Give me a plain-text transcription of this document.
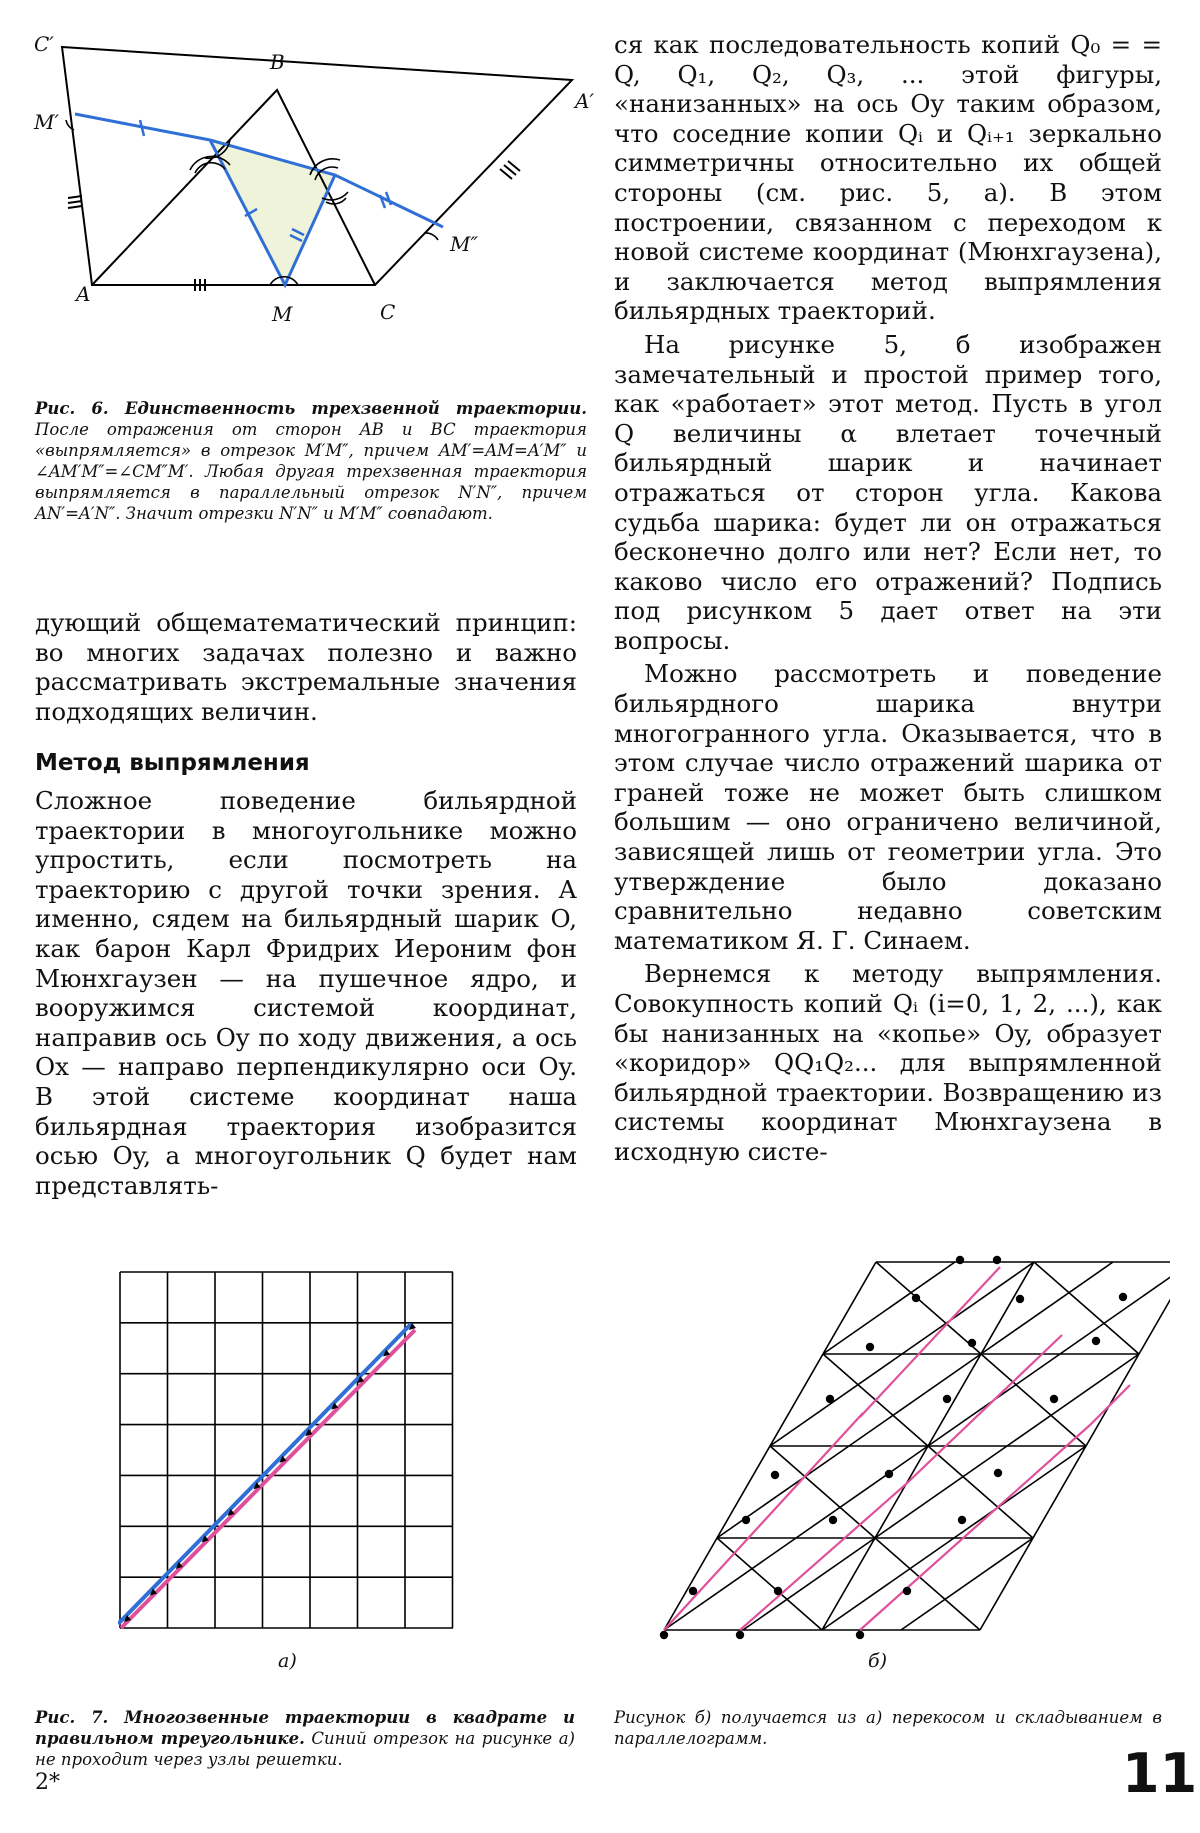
C′
B
A′
M′
M″
A
M	C
Рис. 6. Единственность трехзвенной траектории. После отражения от сторон AB и BC траектория «выпрямляется» в отрезок M′M″, причем AM′=AM=A′M″ и ∠AM′M″=∠CM″M′. Любая другая трехзвенная траектория выпрямляется в параллельный отрезок N′N″, причем AN′=A′N″. Значит отрезки N′N″ и M′M″ совпадают.

дующий общематематический принцип: во многих задачах полезно и важно рассматривать экстремальные значения подходящих величин.

Метод выпрямления

Сложное поведение бильярдной траектории в многоугольнике можно упростить, если посмотреть на траекторию с другой точки зрения. А именно, сядем на бильярдный шарик O, как барон Карл Фридрих Иероним фон Мюнхгаузен — на пушечное ядро, и вооружимся системой координат, направив ось Oy по ходу движения, а ось Ox — направо перпендикулярно оси Oy. В этой системе координат наша бильярдная траектория изобразится осью Oy, а многоугольник Q будет нам представлять-

ся как последовательность копий Q₀ = = Q, Q₁, Q₂, Q₃, ... этой фигуры, «нанизанных» на ось Oy таким образом, что соседние копии Qᵢ и Qᵢ₊₁ зеркально симметричны относительно их общей стороны (см. рис. 5, а). В этом построении, связанном с переходом к новой системе координат (Мюнхгаузена), и заключается метод выпрямления бильярдных траекторий.

На рисунке 5, б изображен замечательный и простой пример того, как «работает» этот метод. Пусть в угол Q величины α влетает точечный бильярдный шарик и начинает отражаться от сторон угла. Какова судьба шарика: будет ли он отражаться бесконечно долго или нет? Если нет, то каково число его отражений? Подпись под рисунком 5 дает ответ на эти вопросы.

Можно рассмотреть и поведение бильярдного шарика внутри многогранного угла. Оказывается, что в этом случае число отражений шарика от граней тоже не может быть слишком большим — оно ограничено величиной, зависящей лишь от геометрии угла. Это утверждение было доказано сравнительно недавно советским математиком Я. Г. Синаем.

Вернемся к методу выпрямления. Совокупность копий Qᵢ (i=0, 1, 2, ...), как бы нанизанных на «копье» Oy, образует «коридор» QQ₁Q₂... для выпрямленной бильярдной траектории. Возвращению из системы координат Мюнхгаузена в исходную систе-

а)	б)
Рис. 7. Многозвенные траектории в квадрате и правильном треугольнике. Синий отрезок на рисунке а) не проходит через узлы решетки.
Рисунок б) получается из а) перекосом и складыванием в параллелограмм.
2*	11
